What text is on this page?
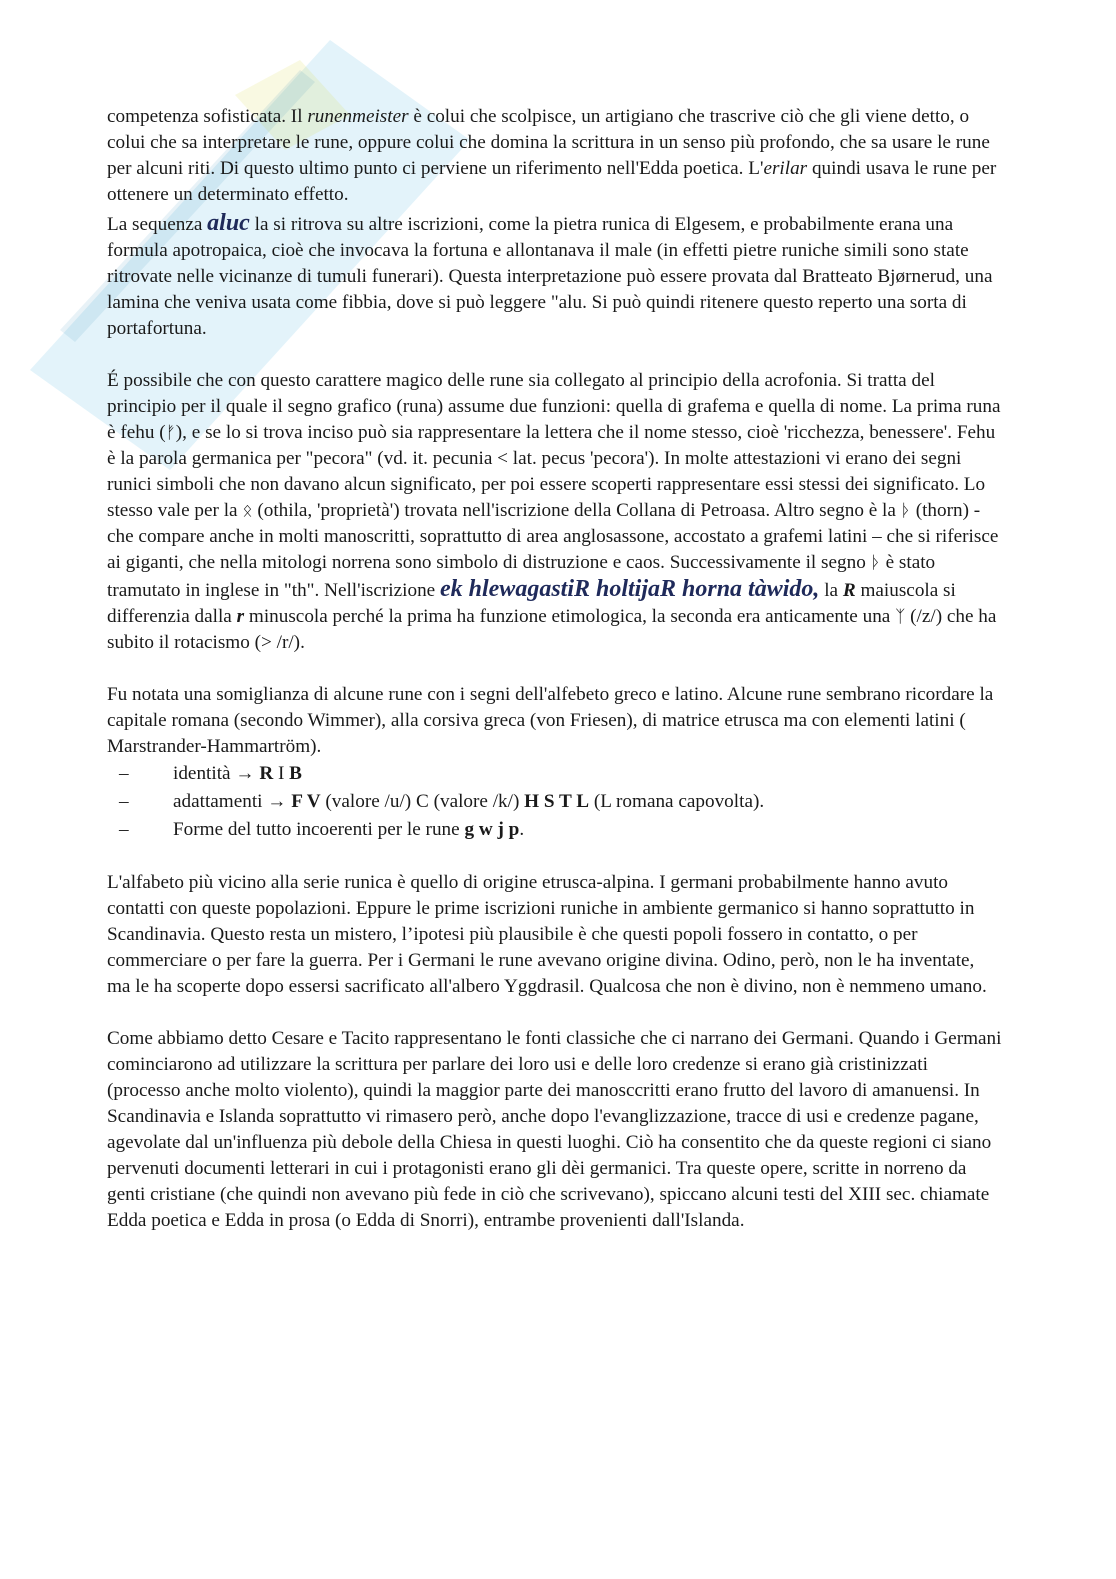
competenza sofisticata. Il runenmeister è colui che scolpisce, un artigiano che trascrive ciò che gli viene detto, o colui che sa interpretare le rune, oppure colui che domina la scrittura in un senso più profondo, che sa usare le rune per alcuni riti. Di questo ultimo punto ci perviene un riferimento nell'Edda poetica. L'erilar quindi usava le rune per ottenere un determinato effetto.

La sequenza aluc la si ritrova su altre iscrizioni, come la pietra runica di Elgesem, e probabilmente erana una formula apotropaica, cioè che invocava la fortuna e allontanava il male (in effetti pietre runiche simili sono state ritrovate nelle vicinanze di tumuli funerari). Questa interpretazione può essere provata dal Bratteato Bjørnerud, una lamina che veniva usata come fibbia, dove si può leggere "alu. Si può quindi ritenere questo reperto una sorta di portafortuna.

É possibile che con questo carattere magico delle rune sia collegato al principio della acrofonia. Si tratta del principio per il quale il segno grafico (runa) assume due funzioni: quella di grafema e quella di nome. La prima runa è fehu (ᚠ), e se lo si trova inciso può sia rappresentare la lettera che il nome stesso, cioè 'ricchezza, benessere'. Fehu è la parola germanica per "pecora" (vd. it. pecunia < lat. pecus 'pecora'). In molte attestazioni vi erano dei segni runici simboli che non davano alcun significato, per poi essere scoperti rappresentare essi stessi dei significato. Lo stesso vale per la ᛟ (othila, 'proprietà') trovata nell'iscrizione della Collana di Petroasa. Altro segno è la ᚦ (thorn) - che compare anche in molti manoscritti, soprattutto di area anglosassone, accostato a grafemi latini – che si riferisce ai giganti, che nella mitologi norrena sono simbolo di distruzione e caos. Successivamente il segno ᚦ è stato tramutato in inglese in "th". Nell'iscrizione ek hlewagastiR holtijaR horna tàwido, la R maiuscola si differenzia dalla r minuscola perché la prima ha funzione etimologica, la seconda era anticamente una ᛉ (/z/) che ha subito il rotacismo (> /r/).

Fu notata una somiglianza di alcune rune con i segni dell'alfebeto greco e latino. Alcune rune sembrano ricordare la capitale romana (secondo Wimmer), alla corsiva greca (von Friesen), di matrice etrusca ma con elementi latini ( Marstrander-Hammartröm).

– identità → R I B
– adattamenti → F V (valore /u/) C (valore /k/) H S T L (L romana capovolta).
– Forme del tutto incoerenti per le rune g w j p.

L'alfabeto più vicino alla serie runica è quello di origine etrusca-alpina. I germani probabilmente hanno avuto contatti con queste popolazioni. Eppure le prime iscrizioni runiche in ambiente germanico si hanno soprattutto in Scandinavia. Questo resta un mistero, l’ipotesi più plausibile è che questi popoli fossero in contatto, o per commerciare o per fare la guerra. Per i Germani le rune avevano origine divina. Odino, però, non le ha inventate, ma le ha scoperte dopo essersi sacrificato all'albero Yggdrasil. Qualcosa che non è divino, non è nemmeno umano.

Come abbiamo detto Cesare e Tacito rappresentano le fonti classiche che ci narrano dei Germani. Quando i Germani cominciarono ad utilizzare la scrittura per parlare dei loro usi e delle loro credenze si erano già cristinizzati (processo anche molto violento), quindi la maggior parte dei manosccritti erano frutto del lavoro di amanuensi. In Scandinavia e Islanda soprattutto vi rimasero però, anche dopo l'evanglizzazione, tracce di usi e credenze pagane, agevolate dal un'influenza più debole della Chiesa in questi luoghi. Ciò ha consentito che da queste regioni ci siano pervenuti documenti letterari in cui i protagonisti erano gli dèi germanici. Tra queste opere, scritte in norreno da genti cristiane (che quindi non avevano più fede in ciò che scrivevano), spiccano alcuni testi del XIII sec. chiamate Edda poetica e Edda in prosa (o Edda di Snorri), entrambe provenienti dall'Islanda.
